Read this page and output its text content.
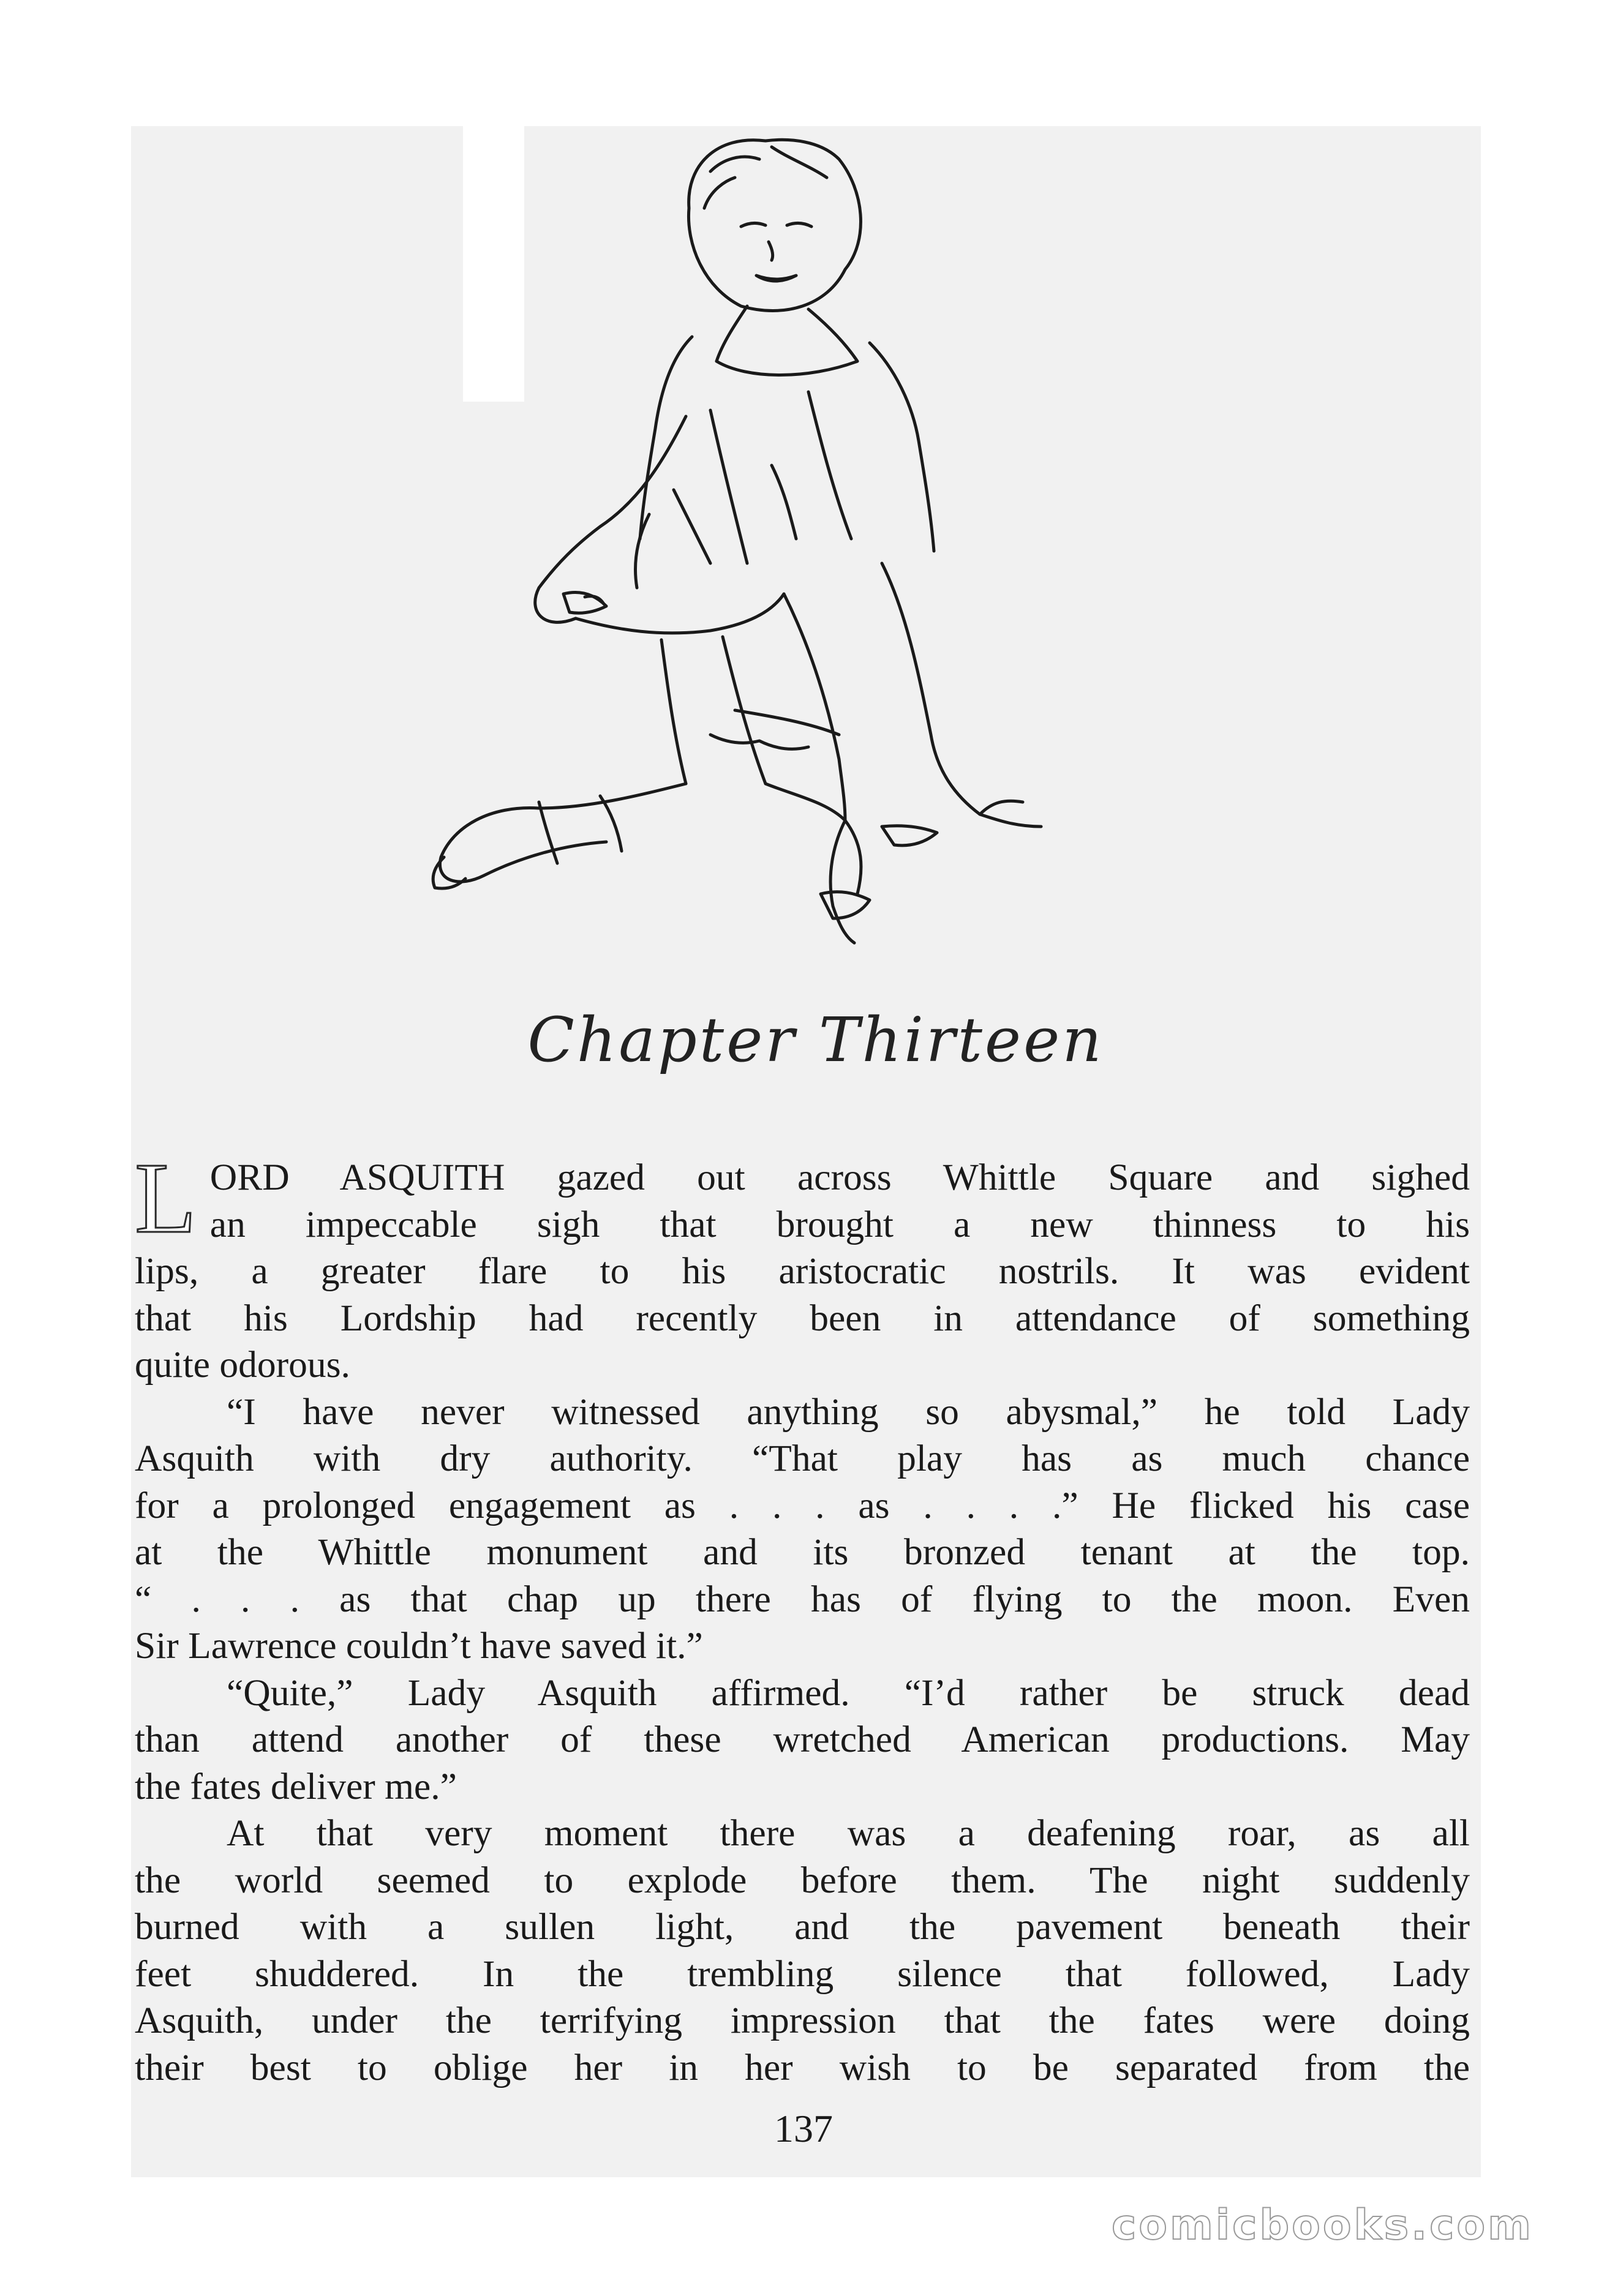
Chapter Thirteen
L ORD ASQUITH gazed out across Whittle Square and sighed

an impeccable sigh that brought a new thinness to his

lips, a greater flare to his aristocratic nostrils. It was evident

that his Lordship had recently been in attendance of something

quite odorous.

“I have never witnessed anything so abysmal,” he told Lady

Asquith with dry authority. “That play has as much chance

for a prolonged engagement as . . . as . . . .” He flicked his case

at the Whittle monument and its bronzed tenant at the top.

“ . . . as that chap up there has of flying to the moon. Even

Sir Lawrence couldn’t have saved it.”

“Quite,” Lady Asquith affirmed. “I’d rather be struck dead

than attend another of these wretched American productions. May

the fates deliver me.”

At that very moment there was a deafening roar, as all

the world seemed to explode before them. The night suddenly

burned with a sullen light, and the pavement beneath their

feet shuddered. In the trembling silence that followed, Lady

Asquith, under the terrifying impression that the fates were doing

their best to oblige her in her wish to be separated from the

137
comicbooks.com
